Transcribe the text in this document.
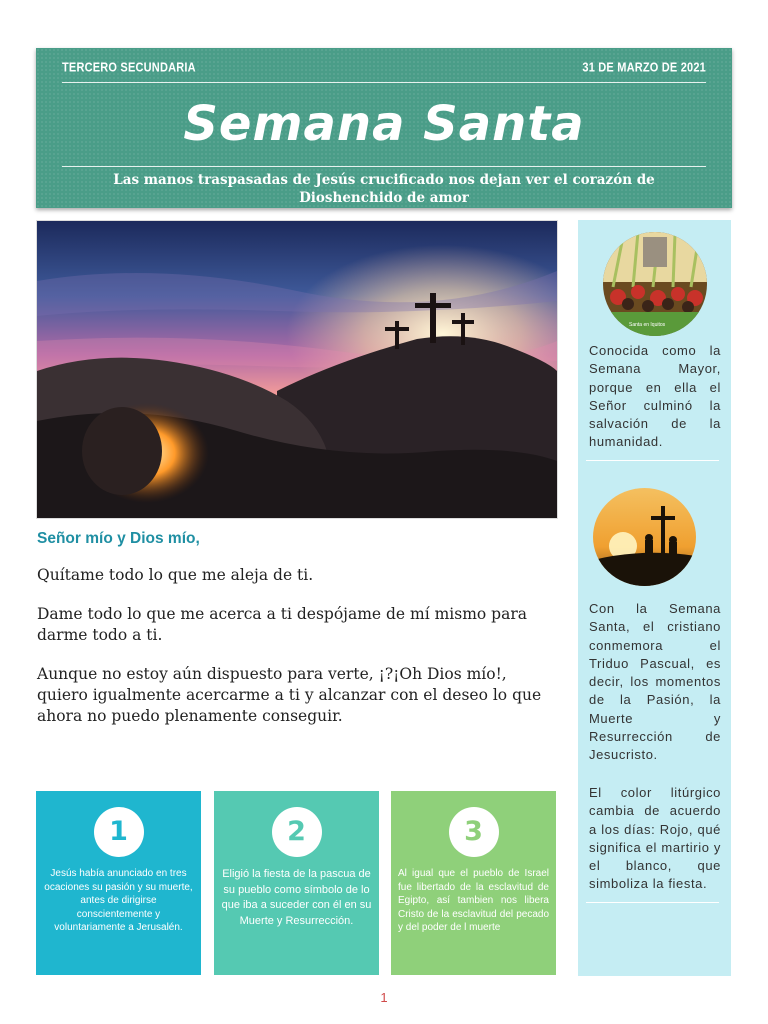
TERCERO SECUNDARIA	31 DE MARZO DE 2021
Semana Santa
Las manos traspasadas de Jesús crucificado nos dejan ver el corazón de Dioshenchido de amor
Señor mío y Dios mío,

Quítame todo lo que me aleja de ti.

Dame todo lo que me acerca a ti despójame de mí mismo para darme todo a ti.

Aunque no estoy aún dispuesto para verte, ¡?¡Oh Dios mío!, quiero igualmente acercarme a ti y alcanzar con el deseo lo que ahora no puedo plenamente conseguir.

1
Jesús había anunciado en tres ocaciones su pasión y su muerte, antes de dirigirse conscientemente y voluntariamente a Jerusalén.
2
Eligió la fiesta de la pascua de su pueblo como símbolo de lo que iba a suceder con él en su Muerte y Resurrección.
3
Al igual que el pueblo de Israel fue libertado de la esclavitud de Egipto, así tambien nos libera Cristo de la esclavitud del pecado y del poder de l muerte
Santa en Iquitos
Conocida como la Semana Mayor, porque en ella el Señor culminó la salvación de la humanidad.
Con la Semana Santa, el cristiano conmemora el Triduo Pascual, es decir, los momentos de la Pasión, la Muerte y Resurrección de Jesucristo.
El color litúrgico cambia de acuerdo a los días: Rojo, qué significa el martirio y el blanco, que simboliza la fiesta.
1
